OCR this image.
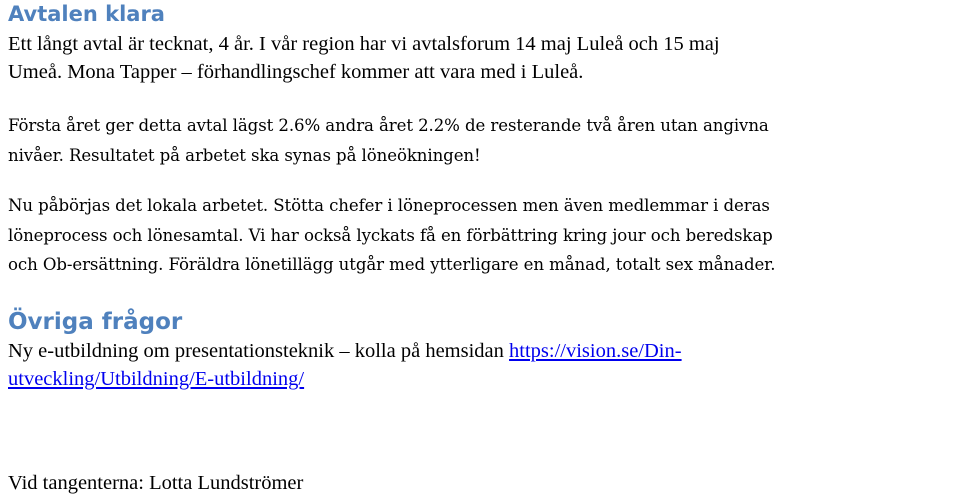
Avtalen klara

Ett långt avtal är tecknat, 4 år. I vår region har vi avtalsforum 14 maj Luleå och 15 maj
Umeå. Mona Tapper – förhandlingschef kommer att vara med i Luleå.

Första året ger detta avtal lägst 2.6% andra året 2.2% de resterande två åren utan angivna
nivåer. Resultatet på arbetet ska synas på löneökningen!

Nu påbörjas det lokala arbetet. Stötta chefer i löneprocessen men även medlemmar i deras
löneprocess och lönesamtal. Vi har också lyckats få en förbättring kring jour och beredskap
och Ob-ersättning. Föräldra lönetillägg utgår med ytterligare en månad, totalt sex månader.

Övriga frågor

Ny e-utbildning om presentationsteknik – kolla på hemsidan https://vision.se/Din-
utveckling/Utbildning/E-utbildning/

Vid tangenterna: Lotta Lundströmer
